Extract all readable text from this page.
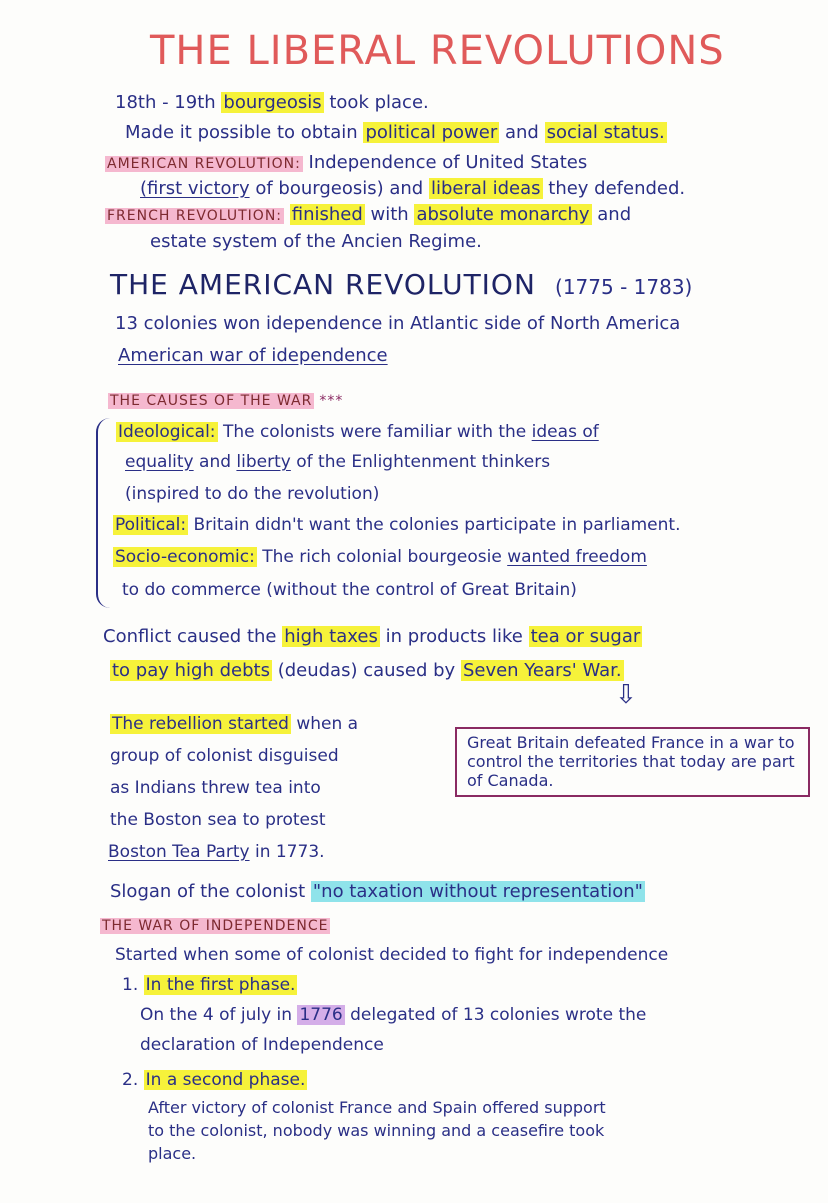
THE LIBERAL REVOLUTIONS
18th - 19th bourgeosis took place.
Made it possible to obtain political power and social status.
AMERICAN REVOLUTION: Independence of United States
(first victory of bourgeosis) and liberal ideas they defended.
FRENCH REVOLUTION: finished with absolute monarchy and
estate system of the Ancien Regime.
THE AMERICAN REVOLUTION (1775 - 1783)
13 colonies won idependence in Atlantic side of North America
American war of idependence
THE CAUSES OF THE WAR ***
Ideological: The colonists were familiar with the ideas of
equality and liberty of the Enlightenment thinkers
(inspired to do the revolution)
Political: Britain didn't want the colonies participate in parliament.
Socio-economic: The rich colonial bourgeosie wanted freedom
to do commerce (without the control of Great Britain)
Conflict caused the high taxes in products like tea or sugar
to pay high debts (deudas) caused by Seven Years' War.
⇩
The rebellion started when a
group of colonist disguised
as Indians threw tea into
the Boston sea to protest
Boston Tea Party in 1773.
Great Britain defeated France in a war to control the territories that today are part of Canada.
Slogan of the colonist "no taxation without representation"
THE WAR OF INDEPENDENCE
Started when some of colonist decided to fight for independence
1. In the first phase.
On the 4 of july in 1776 delegated of 13 colonies wrote the
declaration of Independence
2. In a second phase.
After victory of colonist France and Spain offered support
to the colonist, nobody was winning and a ceasefire took
place.
